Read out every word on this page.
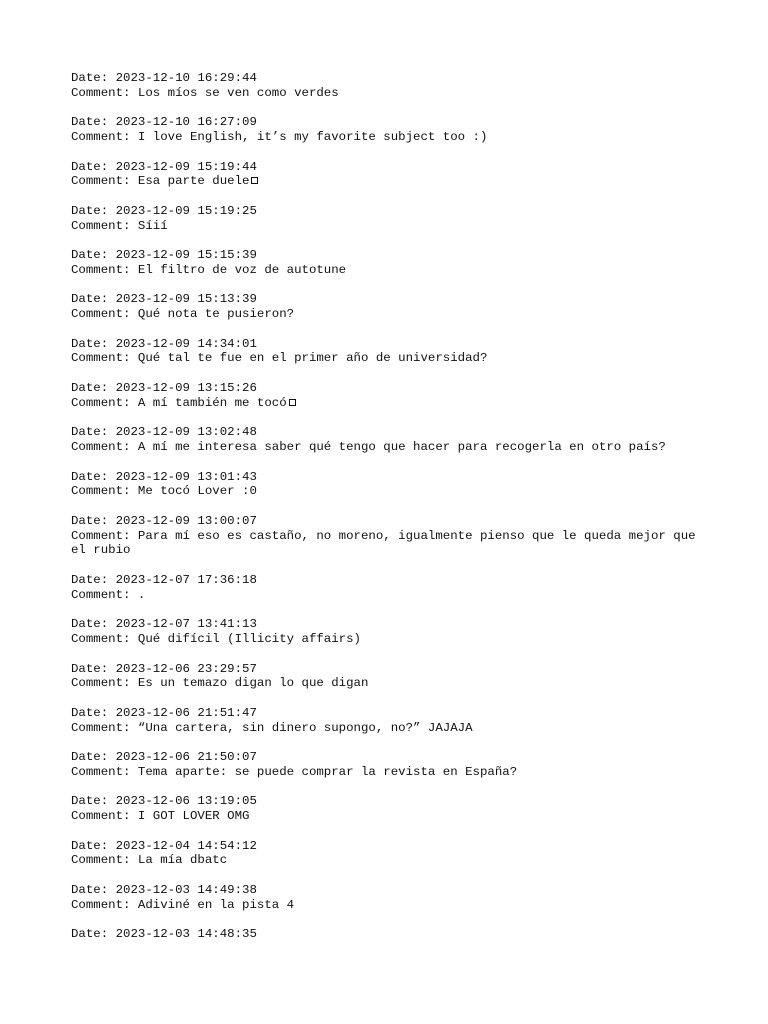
Date: 2023-12-10 16:29:44
Comment: Los míos se ven como verdes
Date: 2023-12-10 16:27:09
Comment: I love English, it’s my favorite subject too :)
Date: 2023-12-09 15:19:44
Comment: Esa parte duele
Date: 2023-12-09 15:19:25
Comment: Síií
Date: 2023-12-09 15:15:39
Comment: El filtro de voz de autotune
Date: 2023-12-09 15:13:39
Comment: Qué nota te pusieron?
Date: 2023-12-09 14:34:01
Comment: Qué tal te fue en el primer año de universidad?
Date: 2023-12-09 13:15:26
Comment: A mí también me tocó
Date: 2023-12-09 13:02:48
Comment: A mí me interesa saber qué tengo que hacer para recogerla en otro país?
Date: 2023-12-09 13:01:43
Comment: Me tocó Lover :0
Date: 2023-12-09 13:00:07
Comment: Para mí eso es castaño, no moreno, igualmente pienso que le queda mejor que el rubio
Date: 2023-12-07 17:36:18
Comment: .
Date: 2023-12-07 13:41:13
Comment: Qué difícil (Illicity affairs)
Date: 2023-12-06 23:29:57
Comment: Es un temazo digan lo que digan
Date: 2023-12-06 21:51:47
Comment: “Una cartera, sin dinero supongo, no?” JAJAJA
Date: 2023-12-06 21:50:07
Comment: Tema aparte: se puede comprar la revista en España?
Date: 2023-12-06 13:19:05
Comment: I GOT LOVER OMG
Date: 2023-12-04 14:54:12
Comment: La mía dbatc
Date: 2023-12-03 14:49:38
Comment: Adiviné en la pista 4
Date: 2023-12-03 14:48:35
